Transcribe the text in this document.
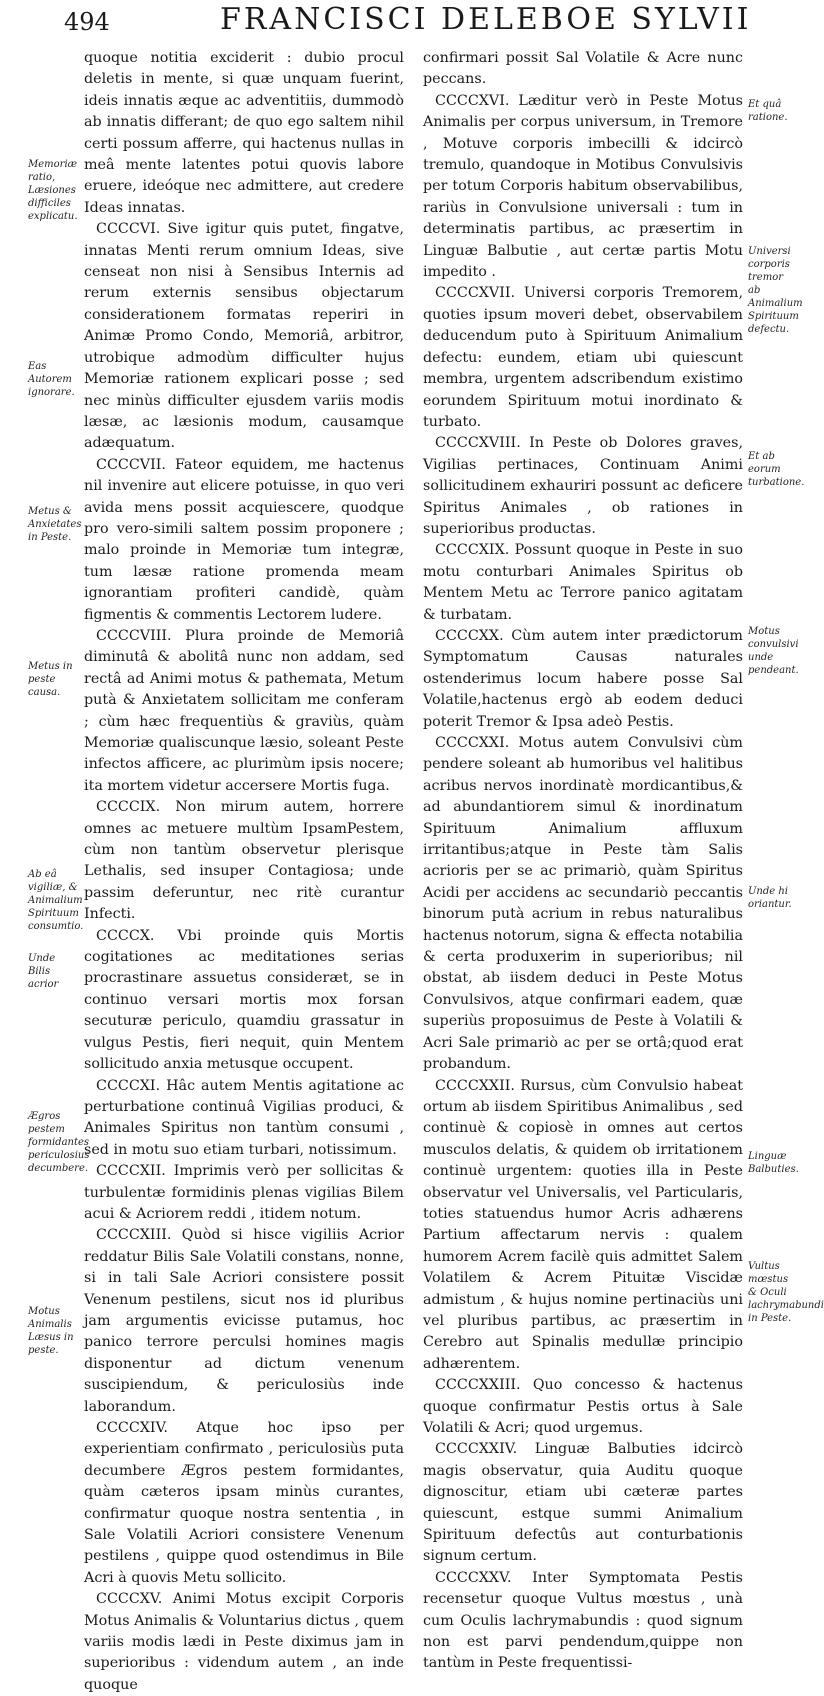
494	FRANCISCI DELEBOE SYLVII

quoque notitia exciderit : dubio procul deletis in mente, si quæ unquam fuerint, ideis innatis æque ac adventitiis, dummodò ab innatis differant; de quo ego saltem nihil certi possum afferre, qui hactenus nullas in meâ mente latentes potui quovis labore eruere, ideóque nec admittere, aut credere Ideas innatas.

CCCCVI. Sive igitur quis putet, fingatve, innatas Menti rerum omnium Ideas, sive censeat non nisi à Sensibus Internis ad rerum externis sensibus objectarum considerationem formatas reperiri in Animæ Promo Condo, Memoriâ, arbitror, utrobique admodùm difficulter hujus Memoriæ rationem explicari posse ; sed nec minùs difficulter ejusdem variis modis læsæ, ac læsionis modum, causamque adæquatum.

CCCCVII. Fateor equidem, me hactenus nil invenire aut elicere potuisse, in quo veri avida mens possit acquiescere, quodque pro vero-simili saltem possim proponere ; malo proinde in Memoriæ tum integræ, tum læsæ ratione promenda meam ignorantiam profiteri candidè, quàm figmentis & commentis Lectorem ludere.

CCCCVIII. Plura proinde de Memoriâ diminutâ & abolitâ nunc non addam, sed rectâ ad Animi motus & pathemata, Metum putà & Anxietatem sollicitam me conferam ; cùm hæc frequentiùs & graviùs, quàm Memoriæ qualiscunque læsio, soleant Peste infectos afficere, ac plurimùm ipsis nocere; ita mortem videtur accersere Mortis fuga.

CCCCIX. Non mirum autem, horrere omnes ac metuere multùm IpsamPestem, cùm non tantùm observetur plerisque Lethalis, sed insuper Contagiosa; unde passim deferuntur, nec ritè curantur Infecti.

CCCCX. Vbi proinde quis Mortis cogitationes ac meditationes serias procrastinare assuetus consideræt, se in continuo versari mortis mox forsan secuturæ periculo, quamdiu grassatur in vulgus Pestis, fieri nequit, quin Mentem sollicitudo anxia metusque occupent.

CCCCXI. Hâc autem Mentis agitatione ac perturbatione continuâ Vigilias produci, & Animales Spiritus non tantùm consumi , sed in motu suo etiam turbari, notissimum.

CCCCXII. Imprimis verò per sollicitas & turbulentæ formidinis plenas vigilias Bilem acui & Acriorem reddi , itidem notum.

CCCCXIII. Quòd si hisce vigiliis Acrior reddatur Bilis Sale Volatili constans, nonne, si in tali Sale Acriori consistere possit Venenum pestilens, sicut nos id pluribus jam argumentis evicisse putamus, hoc panico terrore perculsi homines magis disponentur ad dictum venenum suscipiendum, & periculosiùs inde laborandum.

CCCCXIV. Atque hoc ipso per experientiam confirmato , periculosiùs puta decumbere Ægros pestem formidantes, quàm cæteros ipsam minùs curantes, confirmatur quoque nostra sententia , in Sale Volatili Acriori consistere Venenum pestilens , quippe quod ostendimus in Bile Acri à quovis Metu sollicito.

CCCCXV. Animi Motus excipit Corporis Motus Animalis & Voluntarius dictus , quem variis modis lædi in Peste diximus jam in superioribus : videndum autem , an inde quoque

confirmari possit Sal Volatile & Acre nunc peccans.

CCCCXVI. Læditur verò in Peste Motus Animalis per corpus universum, in Tremore , Motuve corporis imbecilli & idcircò tremulo, quandoque in Motibus Convulsivis per totum Corporis habitum observabilibus, rariùs in Convulsione universali : tum in determinatis partibus, ac præsertim in Linguæ Balbutie , aut certæ partis Motu impedito .

CCCCXVII. Universi corporis Tremorem, quoties ipsum moveri debet, observabilem deducendum puto à Spirituum Animalium defectu: eundem, etiam ubi quiescunt membra, urgentem adscribendum existimo eorundem Spirituum motui inordinato & turbato.

CCCCXVIII. In Peste ob Dolores graves, Vigilias pertinaces, Continuam Animi sollicitudinem exhauriri possunt ac deficere Spiritus Animales , ob rationes in superioribus productas.

CCCCXIX. Possunt quoque in Peste in suo motu conturbari Animales Spiritus ob Mentem Metu ac Terrore panico agitatam & turbatam.

CCCCXX. Cùm autem inter prædictorum Symptomatum Causas naturales ostenderimus locum habere posse Sal Volatile,hactenus ergò ab eodem deduci poterit Tremor & Ipsa adeò Pestis.

CCCCXXI. Motus autem Convulsivi cùm pendere soleant ab humoribus vel halitibus acribus nervos inordinatè mordicantibus,& ad abundantiorem simul & inordinatum Spirituum Animalium affluxum irritantibus;atque in Peste tàm Salis acrioris per se ac primariò, quàm Spiritus Acidi per accidens ac secundariò peccantis binorum putà acrium in rebus naturalibus hactenus notorum, signa & effecta notabilia & certa produxerim in superioribus; nil obstat, ab iisdem deduci in Peste Motus Convulsivos, atque confirmari eadem, quæ superiùs proposuimus de Peste à Volatili & Acri Sale primariò ac per se ortâ;quod erat probandum.

CCCCXXII. Rursus, cùm Convulsio habeat ortum ab iisdem Spiritibus Animalibus , sed continuè & copiosè in omnes aut certos musculos delatis, & quidem ob irritationem continuè urgentem: quoties illa in Peste observatur vel Universalis, vel Particularis, toties statuendus humor Acris adhærens Partium affectarum nervis : qualem humorem Acrem facilè quis admittet Salem Volatilem & Acrem Pituitæ Viscidæ admistum , & hujus nomine pertinaciùs uni vel pluribus partibus, ac præsertim in Cerebro aut Spinalis medullæ principio adhærentem.

CCCCXXIII. Quo concesso & hactenus quoque confirmatur Pestis ortus à Sale Volatili & Acri; quod urgemus.

CCCCXXIV. Linguæ Balbuties idcircò magis observatur, quia Auditu quoque dignoscitur, etiam ubi cæteræ partes quiescunt, estque summi Animalium Spirituum defectûs aut conturbationis signum certum.

CCCCXXV. Inter Symptomata Pestis recensetur quoque Vultus mœstus , unà cum Oculis lachrymabundis : quod signum non est parvi pendendum,quippe non tantùm in Peste frequentissi-

Memoriæ ratio, Læsiones difficiles explicatu.
Eas Autorem ignorare.
Metus & Anxietates in Peste.
Metus in peste causa.
Ab eâ vigiliæ, & Animalium Spirituum consumtio.
Unde Bilis acrior
Ægros pestem formidantes periculosius decumbere.
Motus Animalis Læsus in peste.
Et quâ ratione.
Universi corporis tremor ab Animalium Spirituum defectu.
Et ab eorum turbatione.
Motus convulsivi unde pendeant.
Unde hi oriantur.
Linguæ Balbuties.
Vultus mœstus & Oculi lachrymabundi in Peste.
